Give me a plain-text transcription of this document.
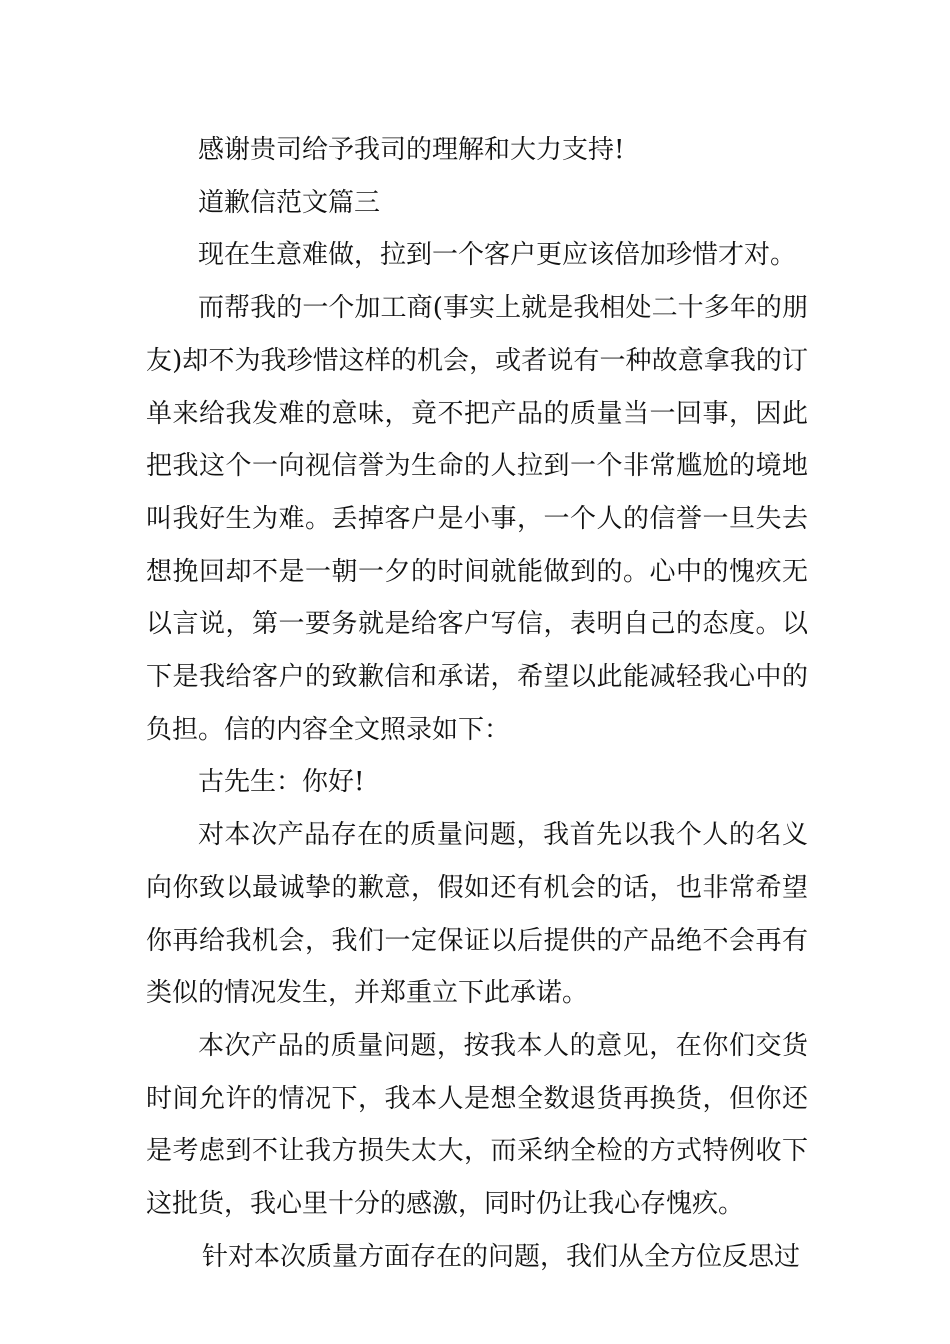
感谢贵司给予我司的理解和大力支持!

道歉信范文篇三

现在生意难做，拉到一个客户更应该倍加珍惜才对。

而帮我的一个加工商(事实上就是我相处二十多年的朋友)却不为我珍惜这样的机会，或者说有一种故意拿我的订单来给我发难的意味，竟不把产品的质量当一回事，因此把我这个一向视信誉为生命的人拉到一个非常尴尬的境地叫我好生为难。丢掉客户是小事，一个人的信誉一旦失去想挽回却不是一朝一夕的时间就能做到的。心中的愧疚无以言说，第一要务就是给客户写信，表明自己的态度。以下是我给客户的致歉信和承诺，希望以此能减轻我心中的负担。信的内容全文照录如下：

古先生：你好!

对本次产品存在的质量问题，我首先以我个人的名义向你致以最诚挚的歉意，假如还有机会的话，也非常希望你再给我机会，我们一定保证以后提供的产品绝不会再有类似的情况发生，并郑重立下此承诺。

本次产品的质量问题，按我本人的意见，在你们交货时间允许的情况下，我本人是想全数退货再换货，但你还是考虑到不让我方损失太大，而采纳全检的方式特例收下这批货，我心里十分的感激，同时仍让我心存愧疚。

针对本次质量方面存在的问题，我们从全方位反思过
